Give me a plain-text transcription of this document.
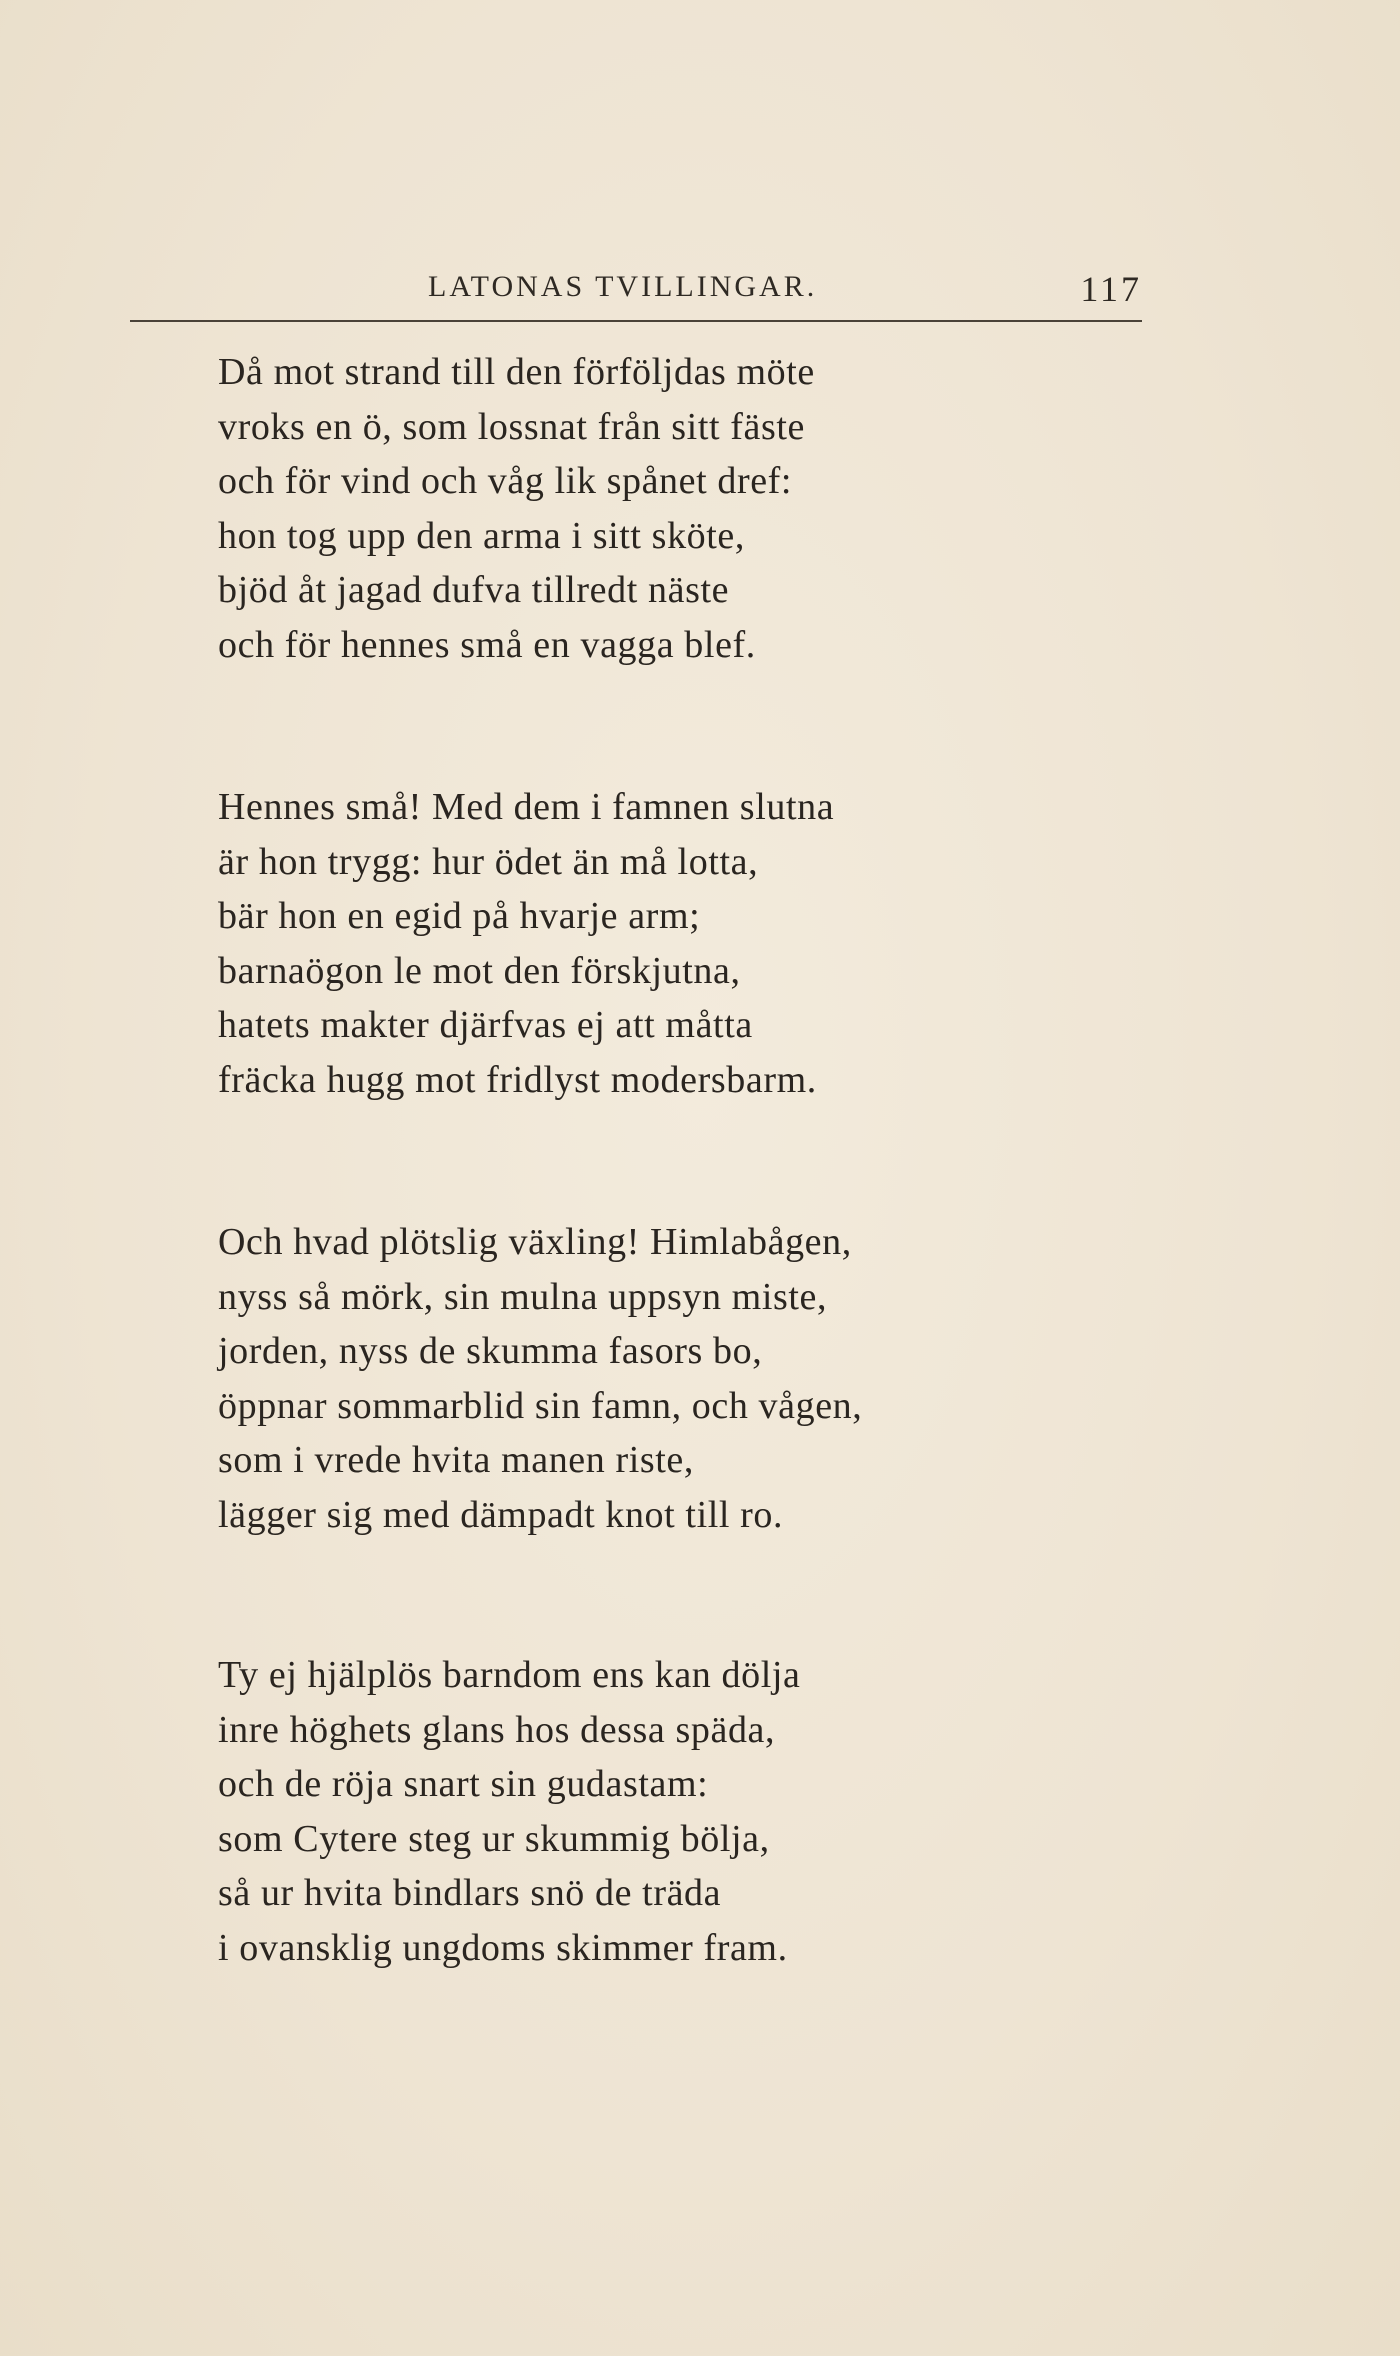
LATONAS TVILLINGAR.	117
Då mot strand till den förföljdas möte
vroks en ö, som lossnat från sitt fäste
och för vind och våg lik spånet dref:
hon tog upp den arma i sitt sköte,
bjöd åt jagad dufva tillredt näste
och för hennes små en vagga blef.
Hennes små! Med dem i famnen slutna
är hon trygg: hur ödet än må lotta,
bär hon en egid på hvarje arm;
barnaögon le mot den förskjutna,
hatets makter djärfvas ej att måtta
fräcka hugg mot fridlyst modersbarm.
Och hvad plötslig växling! Himlabågen,
nyss så mörk, sin mulna uppsyn miste,
jorden, nyss de skumma fasors bo,
öppnar sommarblid sin famn, och vågen,
som i vrede hvita manen riste,
lägger sig med dämpadt knot till ro.
Ty ej hjälplös barndom ens kan dölja
inre höghets glans hos dessa späda,
och de röja snart sin gudastam:
som Cytere steg ur skummig bölja,
så ur hvita bindlars snö de träda
i ovansklig ungdoms skimmer fram.
